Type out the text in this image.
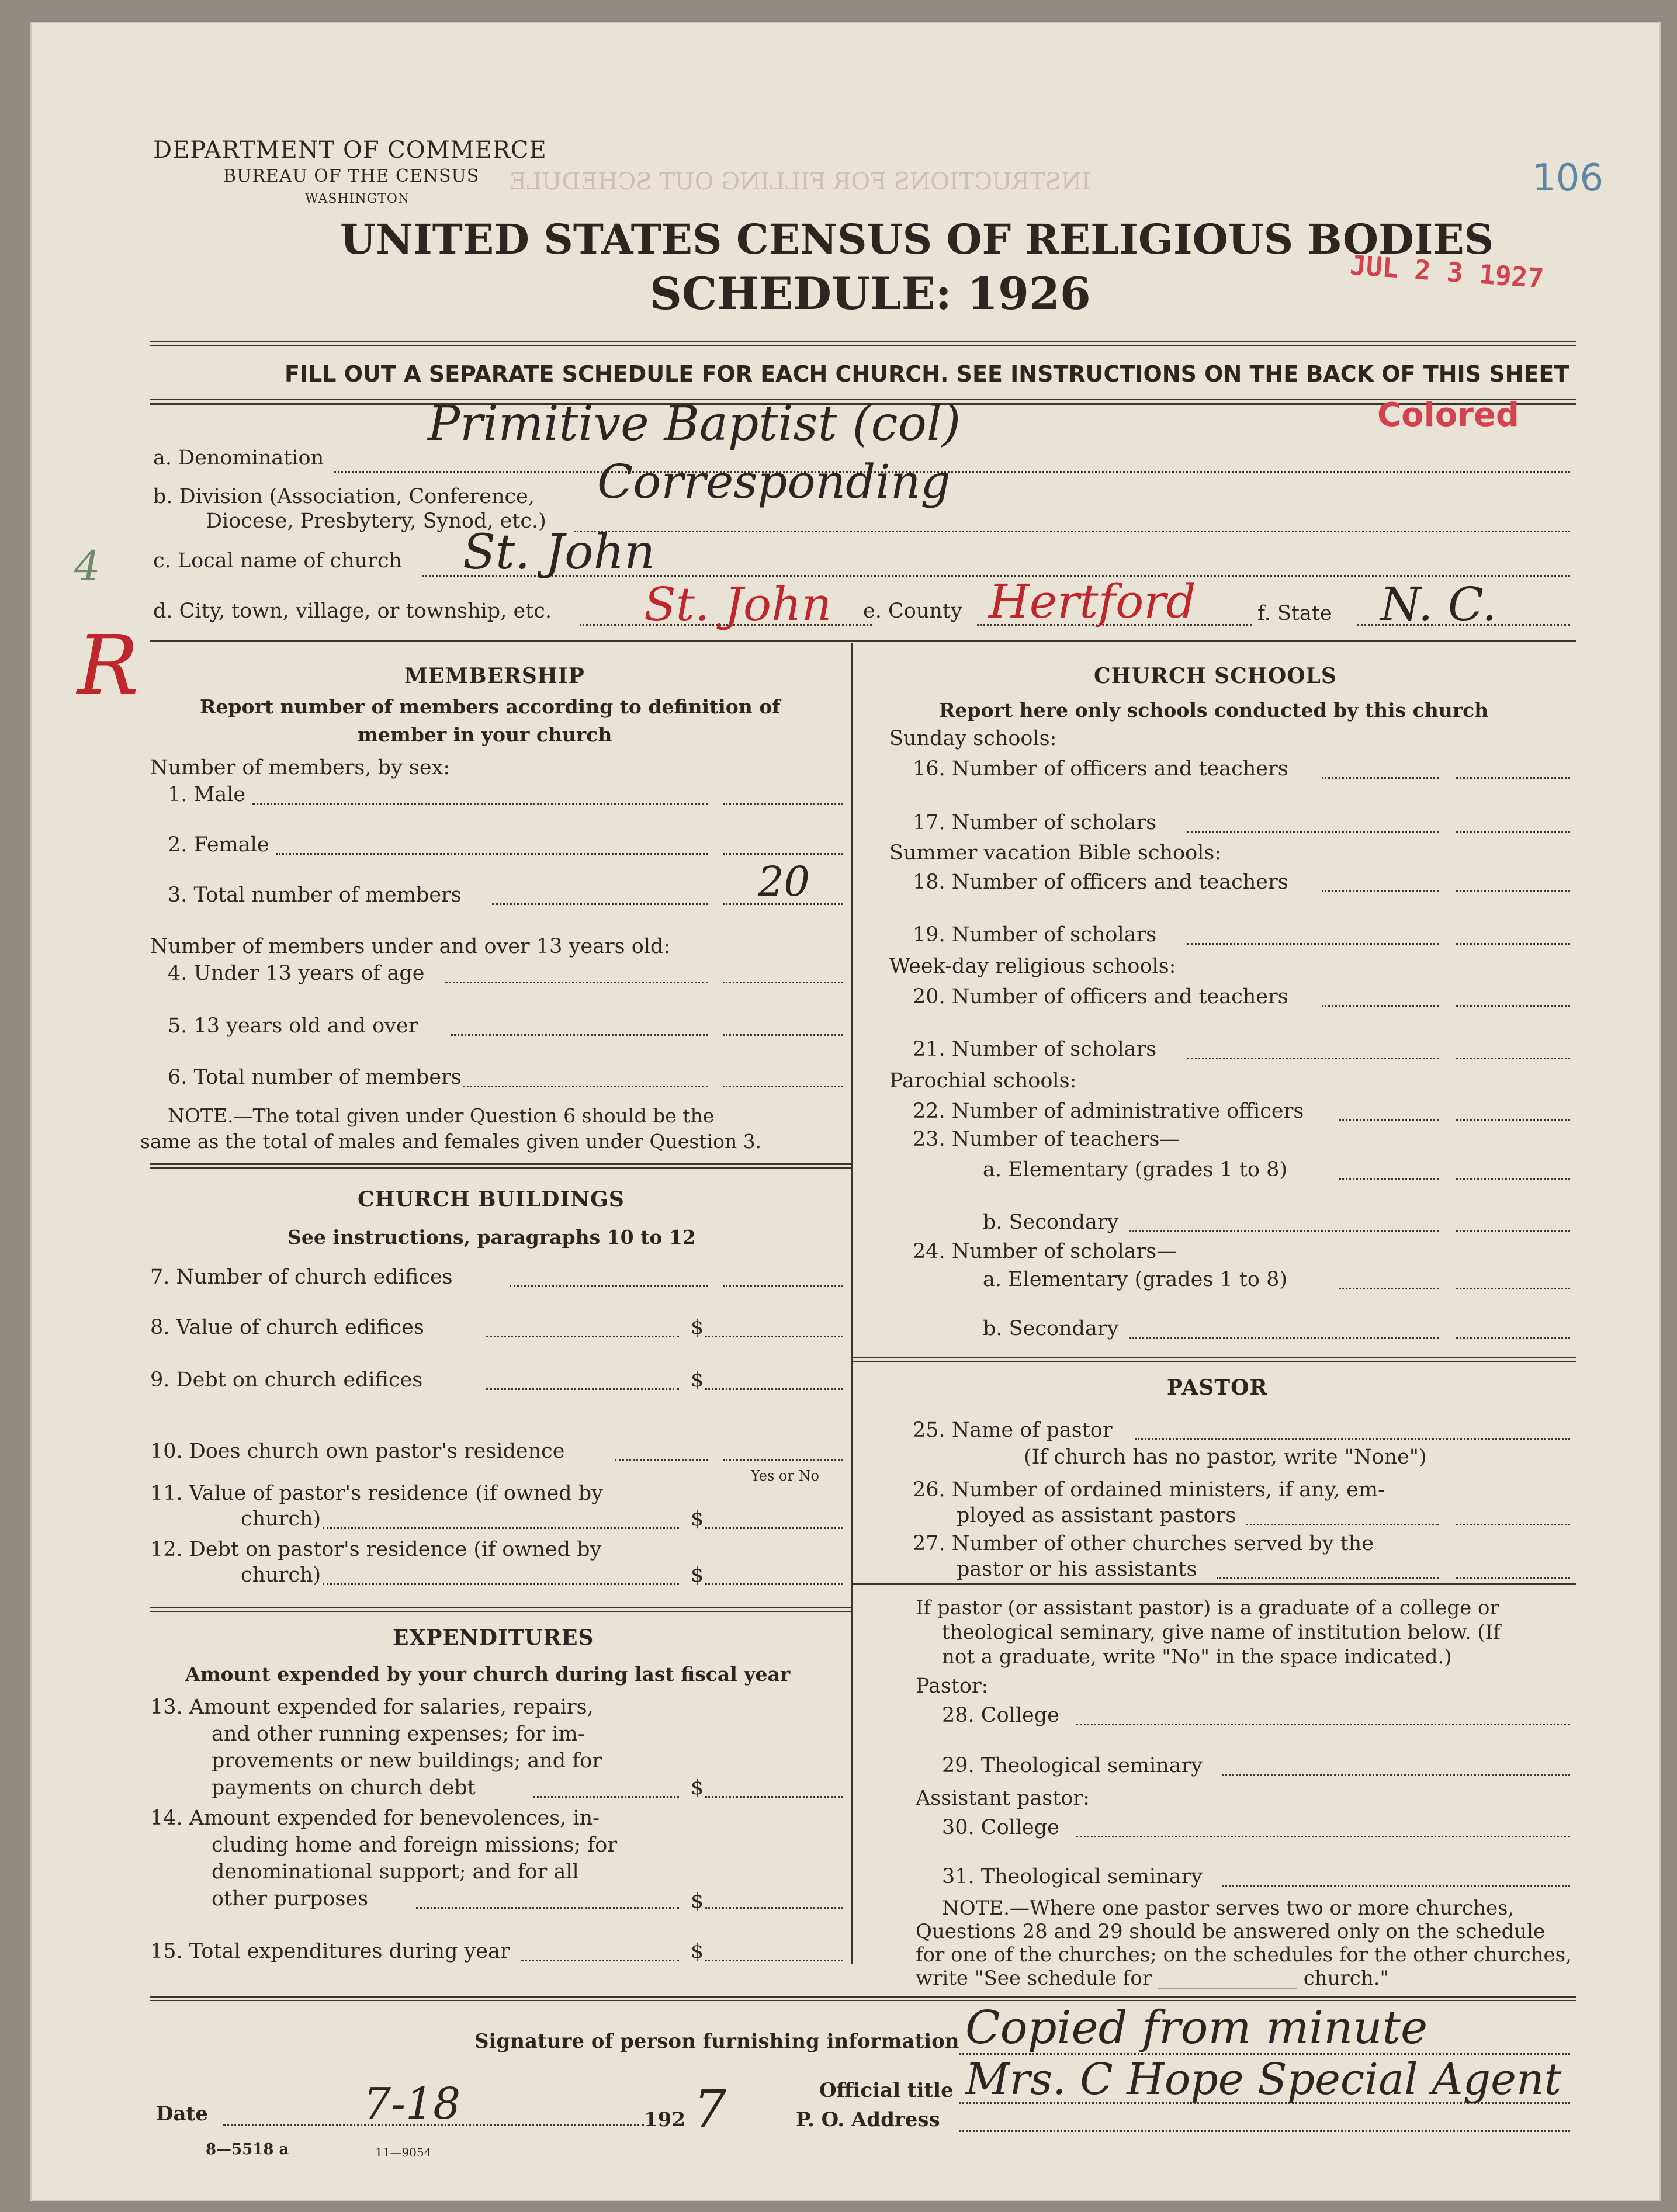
INSTRUCTIONS FOR FILLING OUT SCHEDULE
DEPARTMENT OF COMMERCE
BUREAU OF THE CENSUS
WASHINGTON	106
UNITED STATES CENSUS OF RELIGIOUS BODIES
SCHEDULE: 1926	JUL 2 3 1927
FILL OUT A SEPARATE SCHEDULE FOR EACH CHURCH. SEE INSTRUCTIONS ON THE BACK OF THIS SHEET
a. Denomination
Primitive Baptist (col)	Colored
b. Division (Association, Conference,
Diocese, Presbytery, Synod, etc.)
Corresponding
c. Local name of church St. John
d. City, town, village, or township, etc. St. John e. County Hertford	f. State N. C.
R
4
MEMBERSHIP
Report number of members according to definition of
member in your church
Number of members, by sex:
1. Male
2. Female
3. Total number of members	20
Number of members under and over 13 years old:
4. Under 13 years of age
5. 13 years old and over
6. Total number of members
NOTE.—The total given under Question 6 should be the
same as the total of males and females given under Question 3.
CHURCH BUILDINGS
See instructions, paragraphs 10 to 12
7. Number of church edifices
8. Value of church edifices	$
9. Debt on church edifices	$
10. Does church own pastor's residence
Yes or No
11. Value of pastor's residence (if owned by
church)	$
12. Debt on pastor's residence (if owned by
church)	$
EXPENDITURES
Amount expended by your church during last fiscal year
13. Amount expended for salaries, repairs,
and other running expenses; for im-
provements or new buildings; and for
payments on church debt	$
14. Amount expended for benevolences, in-
cluding home and foreign missions; for
denominational support; and for all
other purposes	$
15. Total expenditures during year	$
CHURCH SCHOOLS
Report here only schools conducted by this church
Sunday schools:
16. Number of officers and teachers
17. Number of scholars
Summer vacation Bible schools:
18. Number of officers and teachers
19. Number of scholars
Week-day religious schools:
20. Number of officers and teachers
21. Number of scholars
Parochial schools:
22. Number of administrative officers
23. Number of teachers—
a. Elementary (grades 1 to 8)
b. Secondary
24. Number of scholars—
a. Elementary (grades 1 to 8)
b. Secondary
PASTOR
25. Name of pastor
(If church has no pastor, write "None")
26. Number of ordained ministers, if any, em-
ployed as assistant pastors
27. Number of other churches served by the
pastor or his assistants
If pastor (or assistant pastor) is a graduate of a college or
theological seminary, give name of institution below. (If
not a graduate, write "No" in the space indicated.)
Pastor:
28. College
29. Theological seminary
Assistant pastor:
30. College
31. Theological seminary
NOTE.—Where one pastor serves two or more churches,
Questions 28 and 29 should be answered only on the schedule
for one of the churches; on the schedules for the other churches,
write "See schedule for ______________ church."
Signature of person furnishing information Copied from minute
Official title Mrs. C Hope Special Agent
Date	7-18	192 7	P. O. Address
8—5518 a	11—9054
